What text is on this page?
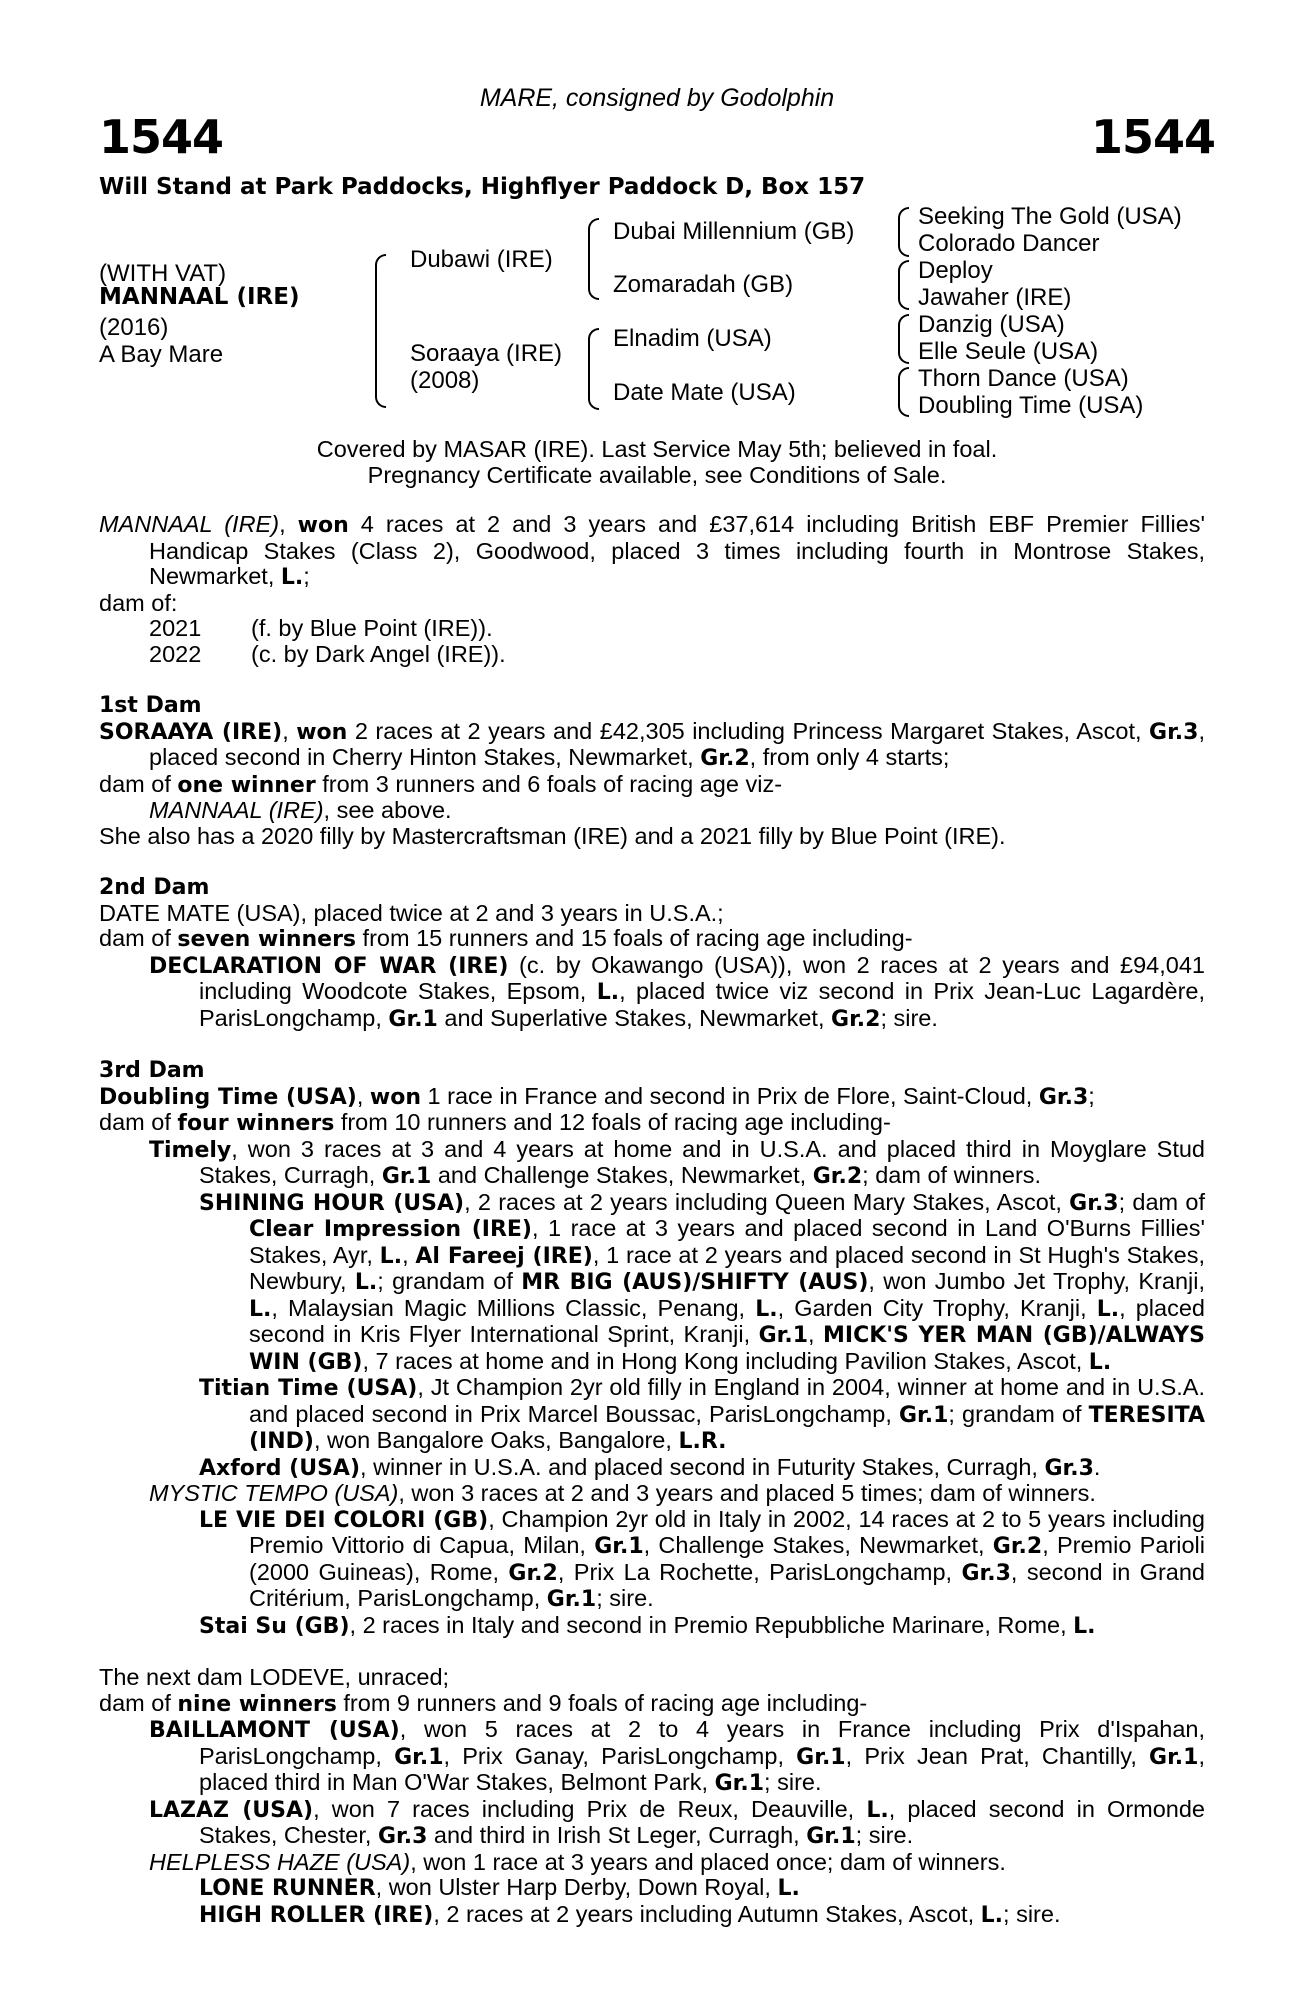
MARE, consigned by Godolphin
1544	1544
Will Stand at Park Paddocks, Highflyer Paddock D, Box 157
(WITH VAT)
MANNAAL (IRE)
(2016)
A Bay Mare
Dubawi (IRE)
Soraaya (IRE)
(2008)
Dubai Millennium (GB)
Zomaradah (GB)
Elnadim (USA)
Date Mate (USA)
Seeking The Gold (USA)
Colorado Dancer
Deploy
Jawaher (IRE)
Danzig (USA)
Elle Seule (USA)
Thorn Dance (USA)
Doubling Time (USA)
Covered by MASAR (IRE). Last Service May 5th; believed in foal.
Pregnancy Certificate available, see Conditions of Sale.

MANNAAL (IRE), won 4 races at 2 and 3 years and £37,614 including British EBF Premier Fillies' Handicap Stakes (Class 2), Goodwood, placed 3 times including fourth in Montrose Stakes, Newmarket, L.;

dam of:

2021	(f. by Blue Point (IRE)).
2022	(c. by Dark Angel (IRE)).
1st Dam

SORAAYA (IRE), won 2 races at 2 years and £42,305 including Princess Margaret Stakes, Ascot, Gr.3, placed second in Cherry Hinton Stakes, Newmarket, Gr.2, from only 4 starts;

dam of one winner from 3 runners and 6 foals of racing age viz-

MANNAAL (IRE), see above.

She also has a 2020 filly by Mastercraftsman (IRE) and a 2021 filly by Blue Point (IRE).

2nd Dam

DATE MATE (USA), placed twice at 2 and 3 years in U.S.A.;

dam of seven winners from 15 runners and 15 foals of racing age including-

DECLARATION OF WAR (IRE) (c. by Okawango (USA)), won 2 races at 2 years and £94,041 including Woodcote Stakes, Epsom, L., placed twice viz second in Prix Jean-Luc Lagardère, ParisLongchamp, Gr.1 and Superlative Stakes, Newmarket, Gr.2; sire.

3rd Dam

Doubling Time (USA), won 1 race in France and second in Prix de Flore, Saint-Cloud, Gr.3;

dam of four winners from 10 runners and 12 foals of racing age including-

Timely, won 3 races at 3 and 4 years at home and in U.S.A. and placed third in Moyglare Stud Stakes, Curragh, Gr.1 and Challenge Stakes, Newmarket, Gr.2; dam of winners.

SHINING HOUR (USA), 2 races at 2 years including Queen Mary Stakes, Ascot, Gr.3; dam of Clear Impression (IRE), 1 race at 3 years and placed second in Land O'Burns Fillies' Stakes, Ayr, L., Al Fareej (IRE), 1 race at 2 years and placed second in St Hugh's Stakes, Newbury, L.; grandam of MR BIG (AUS)/SHIFTY (AUS), won Jumbo Jet Trophy, Kranji, L., Malaysian Magic Millions Classic, Penang, L., Garden City Trophy, Kranji, L., placed second in Kris Flyer International Sprint, Kranji, Gr.1, MICK'S YER MAN (GB)/ALWAYS WIN (GB), 7 races at home and in Hong Kong including Pavilion Stakes, Ascot, L.

Titian Time (USA), Jt Champion 2yr old filly in England in 2004, winner at home and in U.S.A. and placed second in Prix Marcel Boussac, ParisLongchamp, Gr.1; grandam of TERESITA (IND), won Bangalore Oaks, Bangalore, L.R.

Axford (USA), winner in U.S.A. and placed second in Futurity Stakes, Curragh, Gr.3.

MYSTIC TEMPO (USA), won 3 races at 2 and 3 years and placed 5 times; dam of winners.

LE VIE DEI COLORI (GB), Champion 2yr old in Italy in 2002, 14 races at 2 to 5 years including Premio Vittorio di Capua, Milan, Gr.1, Challenge Stakes, Newmarket, Gr.2, Premio Parioli (2000 Guineas), Rome, Gr.2, Prix La Rochette, ParisLongchamp, Gr.3, second in Grand Critérium, ParisLongchamp, Gr.1; sire.

Stai Su (GB), 2 races in Italy and second in Premio Repubbliche Marinare, Rome, L.

The next dam LODEVE, unraced;

dam of nine winners from 9 runners and 9 foals of racing age including-

BAILLAMONT (USA), won 5 races at 2 to 4 years in France including Prix d'Ispahan, ParisLongchamp, Gr.1, Prix Ganay, ParisLongchamp, Gr.1, Prix Jean Prat, Chantilly, Gr.1, placed third in Man O'War Stakes, Belmont Park, Gr.1; sire.

LAZAZ (USA), won 7 races including Prix de Reux, Deauville, L., placed second in Ormonde Stakes, Chester, Gr.3 and third in Irish St Leger, Curragh, Gr.1; sire.

HELPLESS HAZE (USA), won 1 race at 3 years and placed once; dam of winners.

LONE RUNNER, won Ulster Harp Derby, Down Royal, L.

HIGH ROLLER (IRE), 2 races at 2 years including Autumn Stakes, Ascot, L.; sire.
